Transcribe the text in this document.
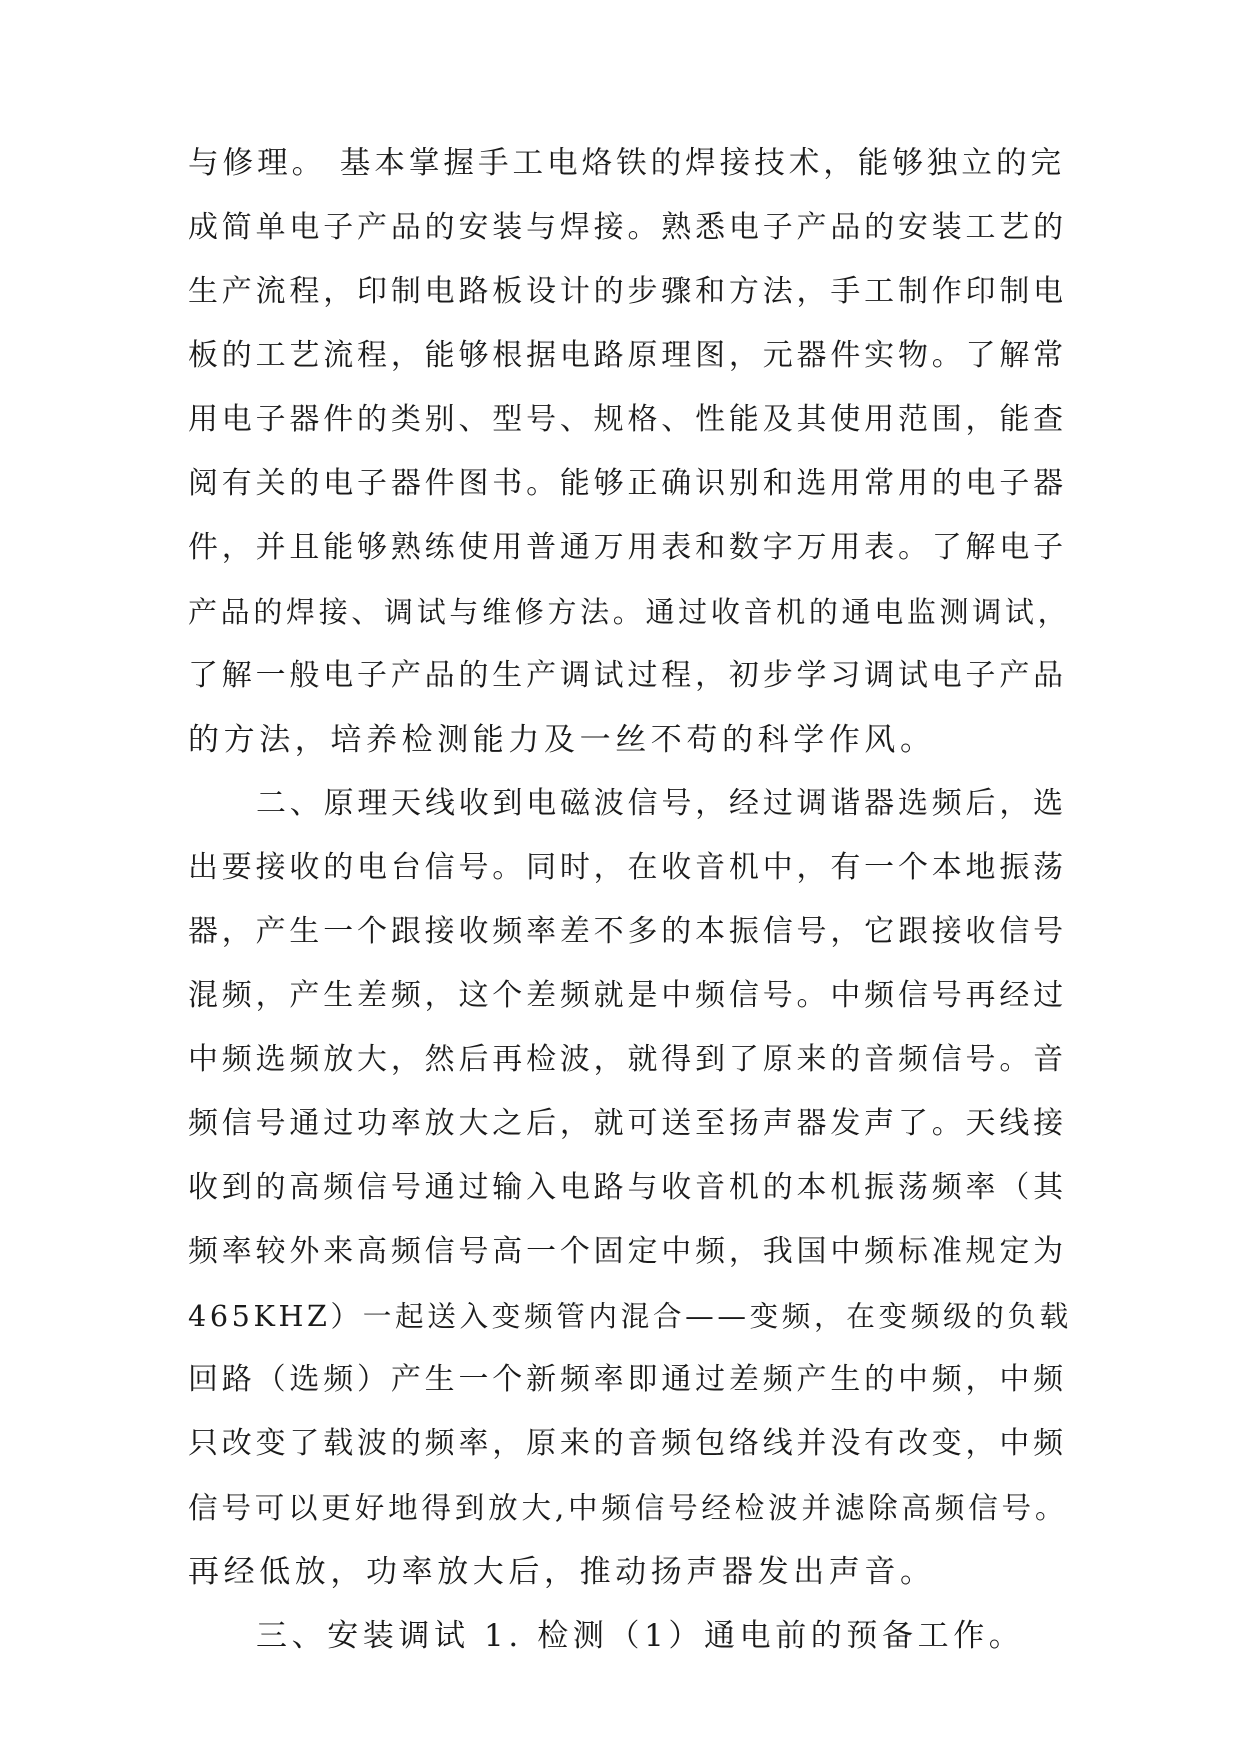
与修理。 基本掌握手工电烙铁的焊接技术，能够独立的完
成简单电子产品的安装与焊接。熟悉电子产品的安装工艺的
生产流程，印制电路板设计的步骤和方法，手工制作印制电
板的工艺流程，能够根据电路原理图，元器件实物。了解常
用电子器件的类别、型号、规格、性能及其使用范围，能查
阅有关的电子器件图书。能够正确识别和选用常用的电子器
件，并且能够熟练使用普通万用表和数字万用表。了解电子
产品的焊接、调试与维修方法。通过收音机的通电监测调试，
了解一般电子产品的生产调试过程，初步学习调试电子产品
的方法，培养检测能力及一丝不苟的科学作风。
二、原理天线收到电磁波信号，经过调谐器选频后，选
出要接收的电台信号。同时，在收音机中，有一个本地振荡
器，产生一个跟接收频率差不多的本振信号，它跟接收信号
混频，产生差频，这个差频就是中频信号。中频信号再经过
中频选频放大，然后再检波，就得到了原来的音频信号。音
频信号通过功率放大之后，就可送至扬声器发声了。天线接
收到的高频信号通过输入电路与收音机的本机振荡频率（其
频率较外来高频信号高一个固定中频，我国中频标准规定为
465KHZ）一起送入变频管内混合——变频，在变频级的负载
回路（选频）产生一个新频率即通过差频产生的中频，中频
只改变了载波的频率，原来的音频包络线并没有改变，中频
信号可以更好地得到放大,中频信号经检波并滤除高频信号。
再经低放，功率放大后，推动扬声器发出声音。
三、安装调试 1. 检测（1）通电前的预备工作。
